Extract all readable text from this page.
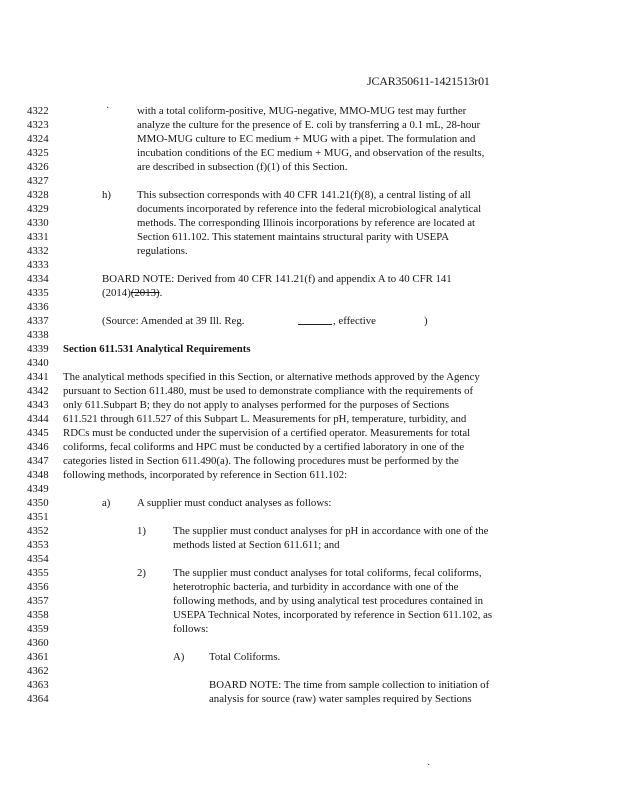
JCAR350611-1421513r01
4322	·	with a total coliform-positive, MUG-negative, MMO-MUG test may further
4323	analyze the culture for the presence of E. coli by transferring a 0.1 mL, 28-hour
4324	MMO-MUG culture to EC medium + MUG with a pipet. The formulation and
4325	incubation conditions of the EC medium + MUG, and observation of the results,
4326	are described in subsection (f)(1) of this Section.
4327
4328	h) This subsection corresponds with 40 CFR 141.21(f)(8), a central listing of all
4329	documents incorporated by reference into the federal microbiological analytical
4330	methods. The corresponding Illinois incorporations by reference are located at
4331	Section 611.102. This statement maintains structural parity with USEPA
4332	regulations.
4333
4334	BOARD NOTE: Derived from 40 CFR 141.21(f) and appendix A to 40 CFR 141
4335	(2014)(2013).
4336
4337	(Source: Amended at 39 Ill. Reg.	, effective	)
4338
4339 Section 611.531 Analytical Requirements
4340
4341 The analytical methods specified in this Section, or alternative methods approved by the Agency
4342 pursuant to Section 611.480, must be used to demonstrate compliance with the requirements of
4343 only 611.Subpart B; they do not apply to analyses performed for the purposes of Sections
4344 611.521 through 611.527 of this Subpart L. Measurements for pH, temperature, turbidity, and
4345 RDCs must be conducted under the supervision of a certified operator. Measurements for total
4346 coliforms, fecal coliforms and HPC must be conducted by a certified laboratory in one of the
4347 categories listed in Section 611.490(a). The following procedures must be performed by the
4348 following methods, incorporated by reference in Section 611.102:
4349
4350	a) A supplier must conduct analyses as follows:
4351
4352	1)	The supplier must conduct analyses for pH in accordance with one of the
4353	methods listed at Section 611.611; and
4354
4355	2)	The supplier must conduct analyses for total coliforms, fecal coliforms,
4356	heterotrophic bacteria, and turbidity in accordance with one of the
4357	following methods, and by using analytical test procedures contained in
4358	USEPA Technical Notes, incorporated by reference in Section 611.102, as
4359	follows:
4360
4361	A) Total Coliforms.
4362
4363	BOARD NOTE: The time from sample collection to initiation of
4364	analysis for source (raw) water samples required by Sections
·
